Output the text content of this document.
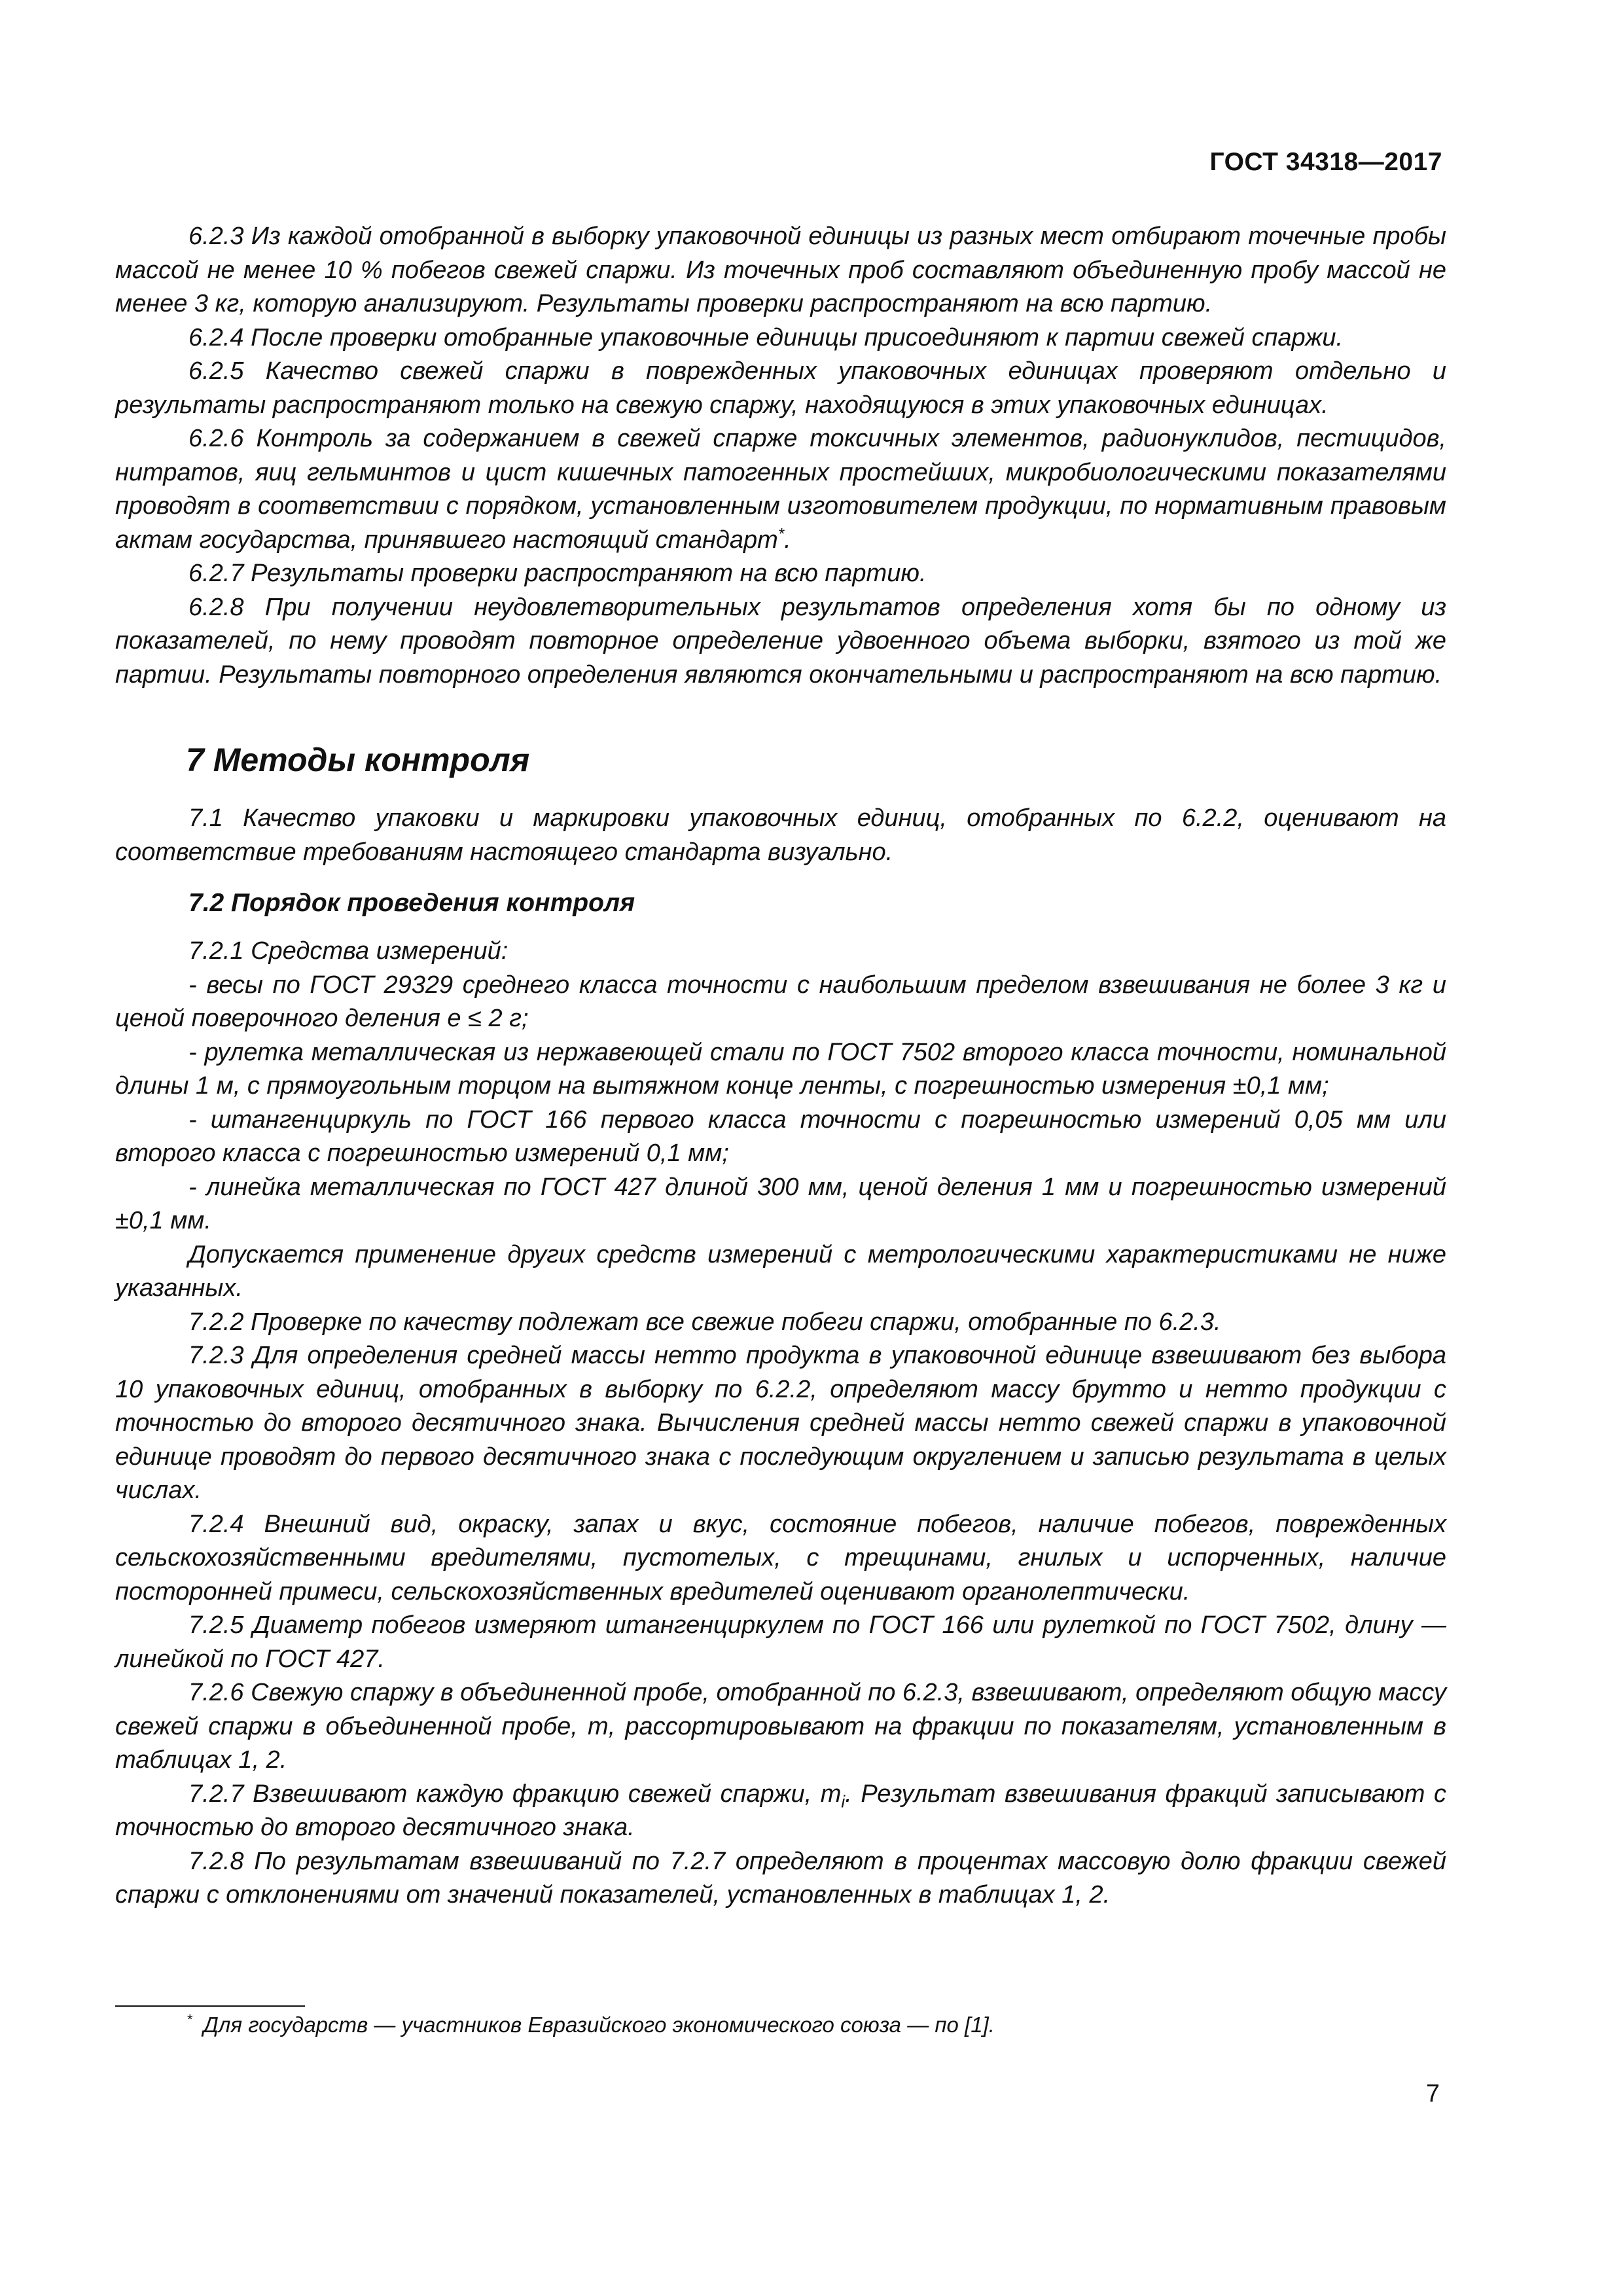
ГОСТ 34318—2017

6.2.3 Из каждой отобранной в выборку упаковочной единицы из разных мест отбирают точечные пробы массой не менее 10 % побегов свежей спаржи. Из точечных проб составляют объединенную пробу массой не менее 3 кг, которую анализируют. Результаты проверки распространяют на всю партию.

6.2.4 После проверки отобранные упаковочные единицы присоединяют к партии свежей спаржи.

6.2.5 Качество свежей спаржи в поврежденных упаковочных единицах проверяют отдельно и результаты распространяют только на свежую спаржу, находящуюся в этих упаковочных единицах.

6.2.6 Контроль за содержанием в свежей спарже токсичных элементов, радионуклидов, пестицидов, нитратов, яиц гельминтов и цист кишечных патогенных простейших, микробиологическими показателями проводят в соответствии с порядком, установленным изготовителем продукции, по нормативным правовым актам государства, принявшего настоящий стандарт*.

6.2.7 Результаты проверки распространяют на всю партию.

6.2.8 При получении неудовлетворительных результатов определения хотя бы по одному из показателей, по нему проводят повторное определение удвоенного объема выборки, взятого из той же партии. Результаты повторного определения являются окончательными и распространяют на всю партию.

7 Методы контроля

7.1 Качество упаковки и маркировки упаковочных единиц, отобранных по 6.2.2, оценивают на соответствие требованиям настоящего стандарта визуально.

7.2 Порядок проведения контроля

7.2.1 Средства измерений:

- весы по ГОСТ 29329 среднего класса точности с наибольшим пределом взвешивания не более 3 кг и ценой поверочного деления e ≤ 2 г;

- рулетка металлическая из нержавеющей стали по ГОСТ 7502 второго класса точности, номинальной длины 1 м, с прямоугольным торцом на вытяжном конце ленты, с погрешностью измерения ±0,1 мм;

- штангенциркуль по ГОСТ 166 первого класса точности с погрешностью измерений 0,05 мм или второго класса с погрешностью измерений 0,1 мм;

- линейка металлическая по ГОСТ 427 длиной 300 мм, ценой деления 1 мм и погрешностью измерений ±0,1 мм.

Допускается применение других средств измерений с метрологическими характеристиками не ниже указанных.

7.2.2 Проверке по качеству подлежат все свежие побеги спаржи, отобранные по 6.2.3.

7.2.3 Для определения средней массы нетто продукта в упаковочной единице взвешивают без выбора 10 упаковочных единиц, отобранных в выборку по 6.2.2, определяют массу брутто и нетто продукции с точностью до второго десятичного знака. Вычисления средней массы нетто свежей спаржи в упаковочной единице проводят до первого десятичного знака с последующим округлением и записью результата в целых числах.

7.2.4 Внешний вид, окраску, запах и вкус, состояние побегов, наличие побегов, поврежденных сельскохозяйственными вредителями, пустотелых, с трещинами, гнилых и испорченных, наличие посторонней примеси, сельскохозяйственных вредителей оценивают органолептически.

7.2.5 Диаметр побегов измеряют штангенциркулем по ГОСТ 166 или рулеткой по ГОСТ 7502, длину — линейкой по ГОСТ 427.

7.2.6 Свежую спаржу в объединенной пробе, отобранной по 6.2.3, взвешивают, определяют общую массу свежей спаржи в объединенной пробе, m, рассортировывают на фракции по показателям, установленным в таблицах 1, 2.

7.2.7 Взвешивают каждую фракцию свежей спаржи, $m_i$. Результат взвешивания фракций записывают с точностью до второго десятичного знака.

7.2.8 По результатам взвешиваний по 7.2.7 определяют в процентах массовую долю фракции свежей спаржи с отклонениями от значений показателей, установленных в таблицах 1, 2.

* Для государств — участников Евразийского экономического союза — по [1].
7
